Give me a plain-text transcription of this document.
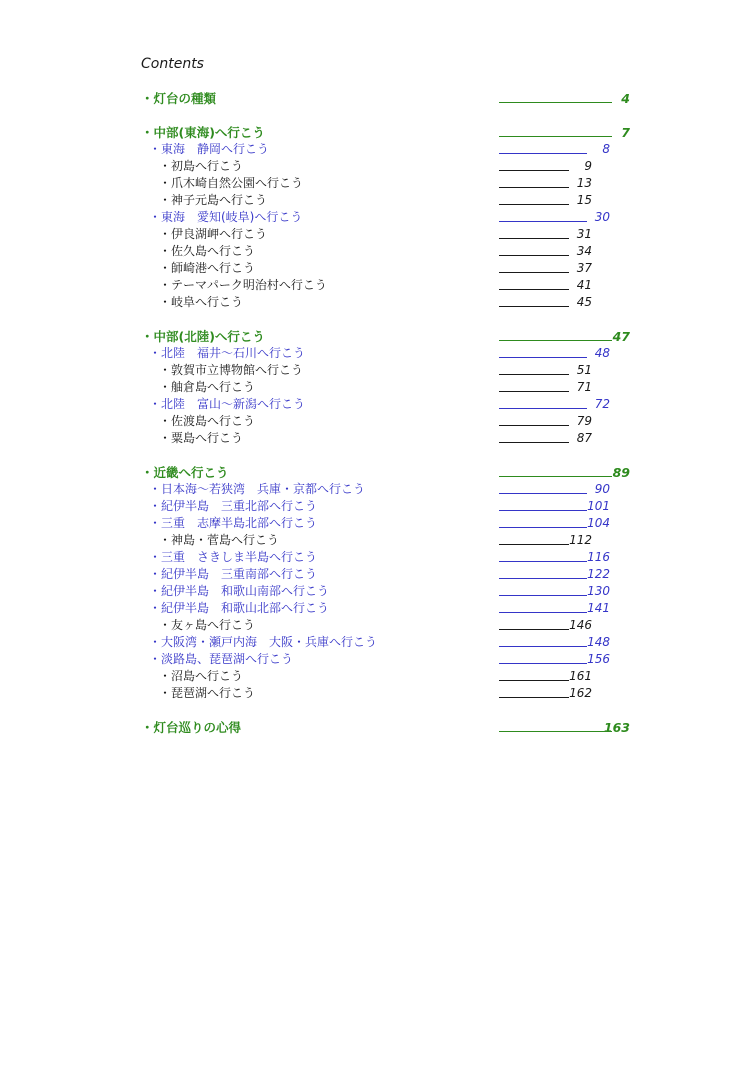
Contents
・灯台の種類	4
・中部(東海)へ行こう	7
・東海　静岡へ行こう	8
・初島へ行こう	9
・爪木崎自然公園へ行こう	13
・神子元島へ行こう	15
・東海　愛知(岐阜)へ行こう	30
・伊良湖岬へ行こう	31
・佐久島へ行こう	34
・師崎港へ行こう	37
・テーマパーク明治村へ行こう	41
・岐阜へ行こう	45
・中部(北陸)へ行こう	47
・北陸　福井～石川へ行こう	48
・敦賀市立博物館へ行こう	51
・舳倉島へ行こう	71
・北陸　富山～新潟へ行こう	72
・佐渡島へ行こう	79
・粟島へ行こう	87
・近畿へ行こう	89
・日本海～若狭湾　兵庫・京都へ行こう	90
・紀伊半島　三重北部へ行こう	101
・三重　志摩半島北部へ行こう	104
・神島・菅島へ行こう	112
・三重　さきしま半島へ行こう	116
・紀伊半島　三重南部へ行こう	122
・紀伊半島　和歌山南部へ行こう	130
・紀伊半島　和歌山北部へ行こう	141
・友ヶ島へ行こう	146
・大阪湾・瀬戸内海　大阪・兵庫へ行こう	148
・淡路島、琵琶湖へ行こう	156
・沼島へ行こう	161
・琵琶湖へ行こう	162
・灯台巡りの心得	163
